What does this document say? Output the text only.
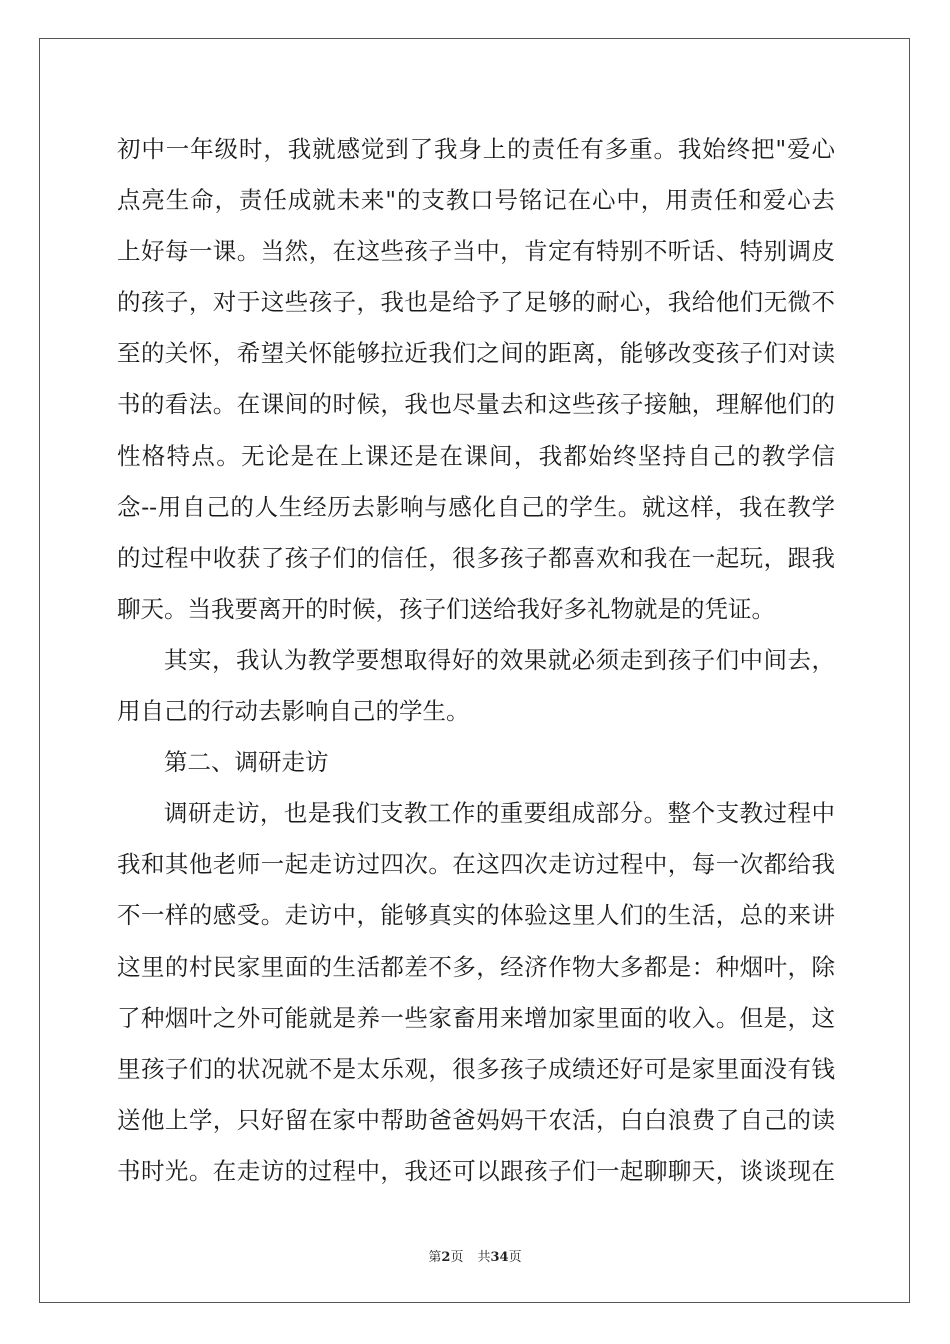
初中一年级时，我就感觉到了我身上的责任有多重。我始终把"爱心
点亮生命，责任成就未来"的支教口号铭记在心中，用责任和爱心去
上好每一课。当然，在这些孩子当中，肯定有特别不听话、特别调皮
的孩子，对于这些孩子，我也是给予了足够的耐心，我给他们无微不
至的关怀，希望关怀能够拉近我们之间的距离，能够改变孩子们对读
书的看法。在课间的时候，我也尽量去和这些孩子接触，理解他们的
性格特点。无论是在上课还是在课间，我都始终坚持自己的教学信
念--用自己的人生经历去影响与感化自己的学生。就这样，我在教学
的过程中收获了孩子们的信任，很多孩子都喜欢和我在一起玩，跟我
聊天。当我要离开的时候，孩子们送给我好多礼物就是的凭证。
其实，我认为教学要想取得好的效果就必须走到孩子们中间去，
用自己的行动去影响自己的学生。
第二、调研走访
调研走访，也是我们支教工作的重要组成部分。整个支教过程中
我和其他老师一起走访过四次。在这四次走访过程中，每一次都给我
不一样的感受。走访中，能够真实的体验这里人们的生活，总的来讲
这里的村民家里面的生活都差不多，经济作物大多都是：种烟叶，除
了种烟叶之外可能就是养一些家畜用来增加家里面的收入。但是，这
里孩子们的状况就不是太乐观，很多孩子成绩还好可是家里面没有钱
送他上学，只好留在家中帮助爸爸妈妈干农活，白白浪费了自己的读
书时光。在走访的过程中，我还可以跟孩子们一起聊聊天，谈谈现在
第2页 共34页
